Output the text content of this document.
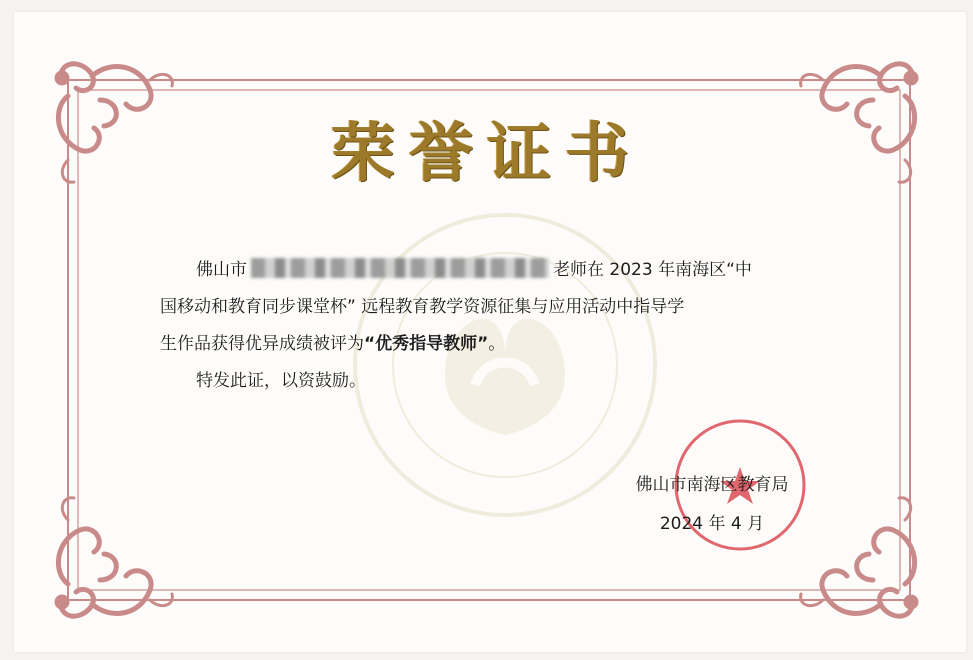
荣誉证书
佛山市	老师在 2023 年南海区“中
国移动和教育同步课堂杯” 远程教育教学资源征集与应用活动中指导学
生作品获得优异成绩被评为“优秀指导教师”。
特发此证，以资鼓励。
佛山市南海区教育局
2024 年 4 月
